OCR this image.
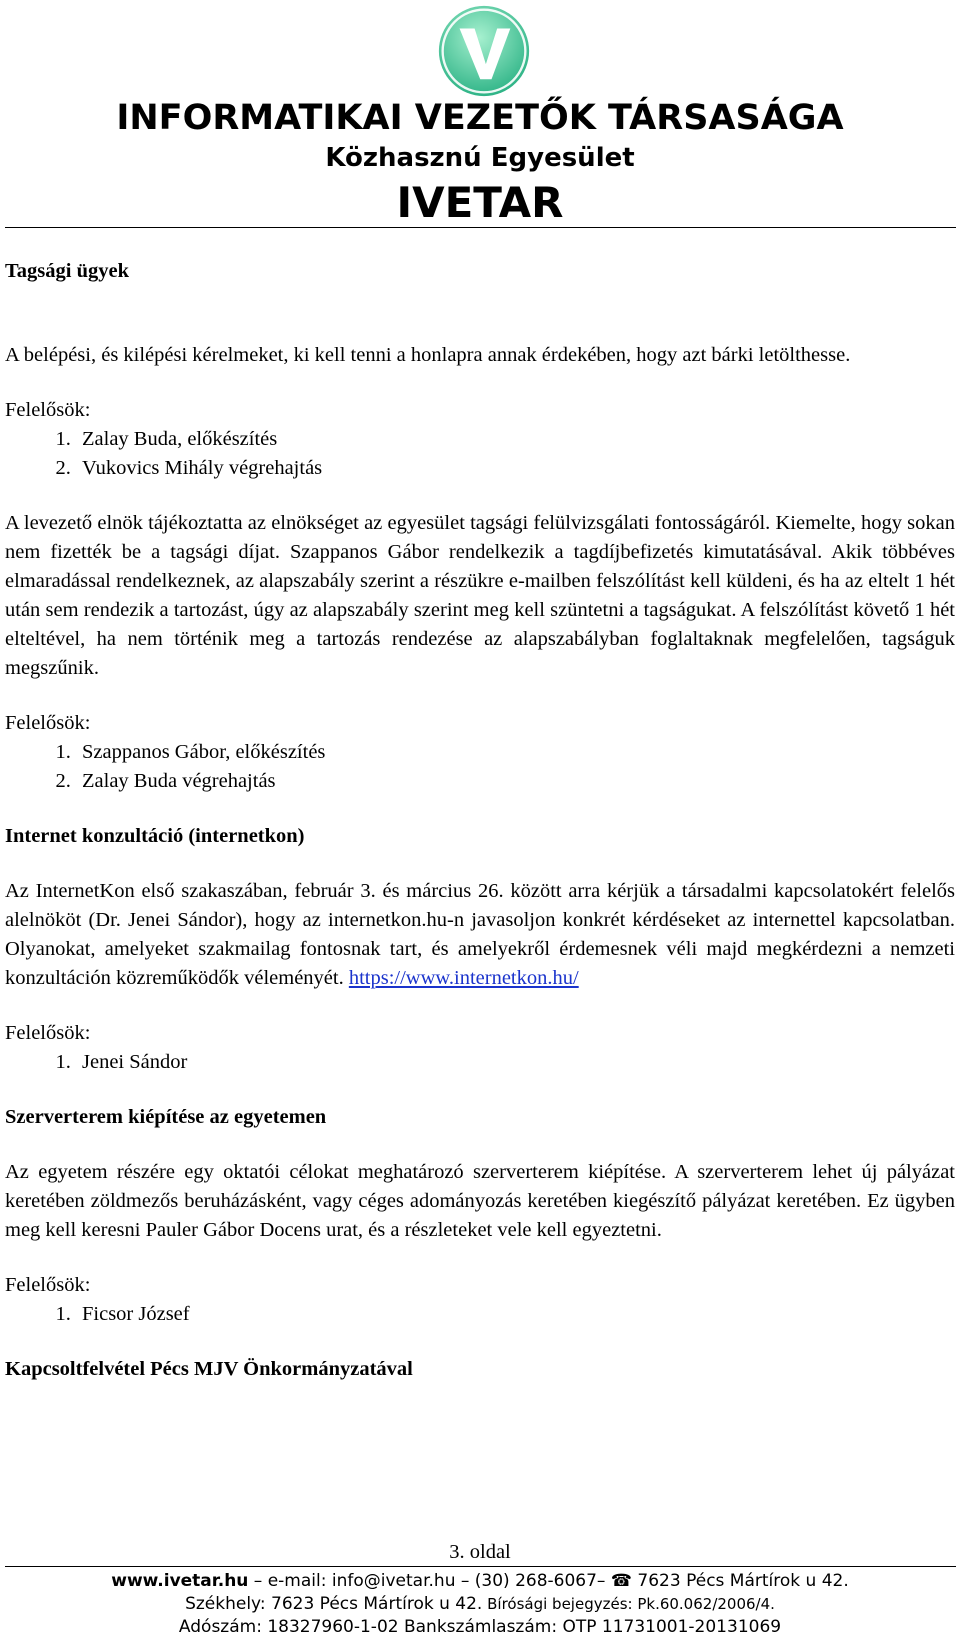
INFORMATIKAI VEZETŐK TÁRSASÁGA
Közhasznú Egyesület
IVETAR

Tagsági ügyek

A belépési, és kilépési kérelmeket, ki kell tenni a honlapra annak érdekében, hogy azt bárki letölthesse.

Felelősök:

1. Zalay Buda, előkészítés
2. Vukovics Mihály végrehajtás

A levezető elnök tájékoztatta az elnökséget az egyesület tagsági felülvizsgálati fontosságáról. Kiemelte, hogy sokan nem fizették be a tagsági díjat. Szappanos Gábor rendelkezik a tagdíjbefizetés kimutatásával. Akik többéves elmaradással rendelkeznek, az alapszabály szerint a részükre e-mailben felszólítást kell küldeni, és ha az eltelt 1 hét után sem rendezik a tartozást, úgy az alapszabály szerint meg kell szüntetni a tagságukat. A felszólítást követő 1 hét elteltével, ha nem történik meg a tartozás rendezése az alapszabályban foglaltaknak megfelelően, tagságuk megszűnik.

Felelősök:

1. Szappanos Gábor, előkészítés
2. Zalay Buda végrehajtás

Internet konzultáció (internetkon)

Az InternetKon első szakaszában, február 3. és március 26. között arra kérjük a társadalmi kapcsolatokért felelős alelnököt (Dr. Jenei Sándor), hogy az internetkon.hu-n javasoljon konkrét kérdéseket az internettel kapcsolatban. Olyanokat, amelyeket szakmailag fontosnak tart, és amelyekről érdemesnek véli majd megkérdezni a nemzeti konzultáción közreműködők véleményét. https://www.internetkon.hu/

Felelősök:

1. Jenei Sándor

Szerverterem kiépítése az egyetemen

Az egyetem részére egy oktatói célokat meghatározó szerverterem kiépítése. A szerverterem lehet új pályázat keretében zöldmezős beruházásként, vagy céges adományozás keretében kiegészítő pályázat keretében. Ez ügyben meg kell keresni Pauler Gábor Docens urat, és a részleteket vele kell egyeztetni.

Felelősök:

1. Ficsor József

Kapcsoltfelvétel Pécs MJV Önkormányzatával

3. oldal
www.ivetar.hu – e-mail: info@ivetar.hu – (30) 268-6067– ☎ 7623 Pécs Mártírok u 42.
Székhely: 7623 Pécs Mártírok u 42. Bírósági bejegyzés: Pk.60.062/2006/4.
Adószám: 18327960-1-02 Bankszámlaszám: OTP 11731001-20131069
